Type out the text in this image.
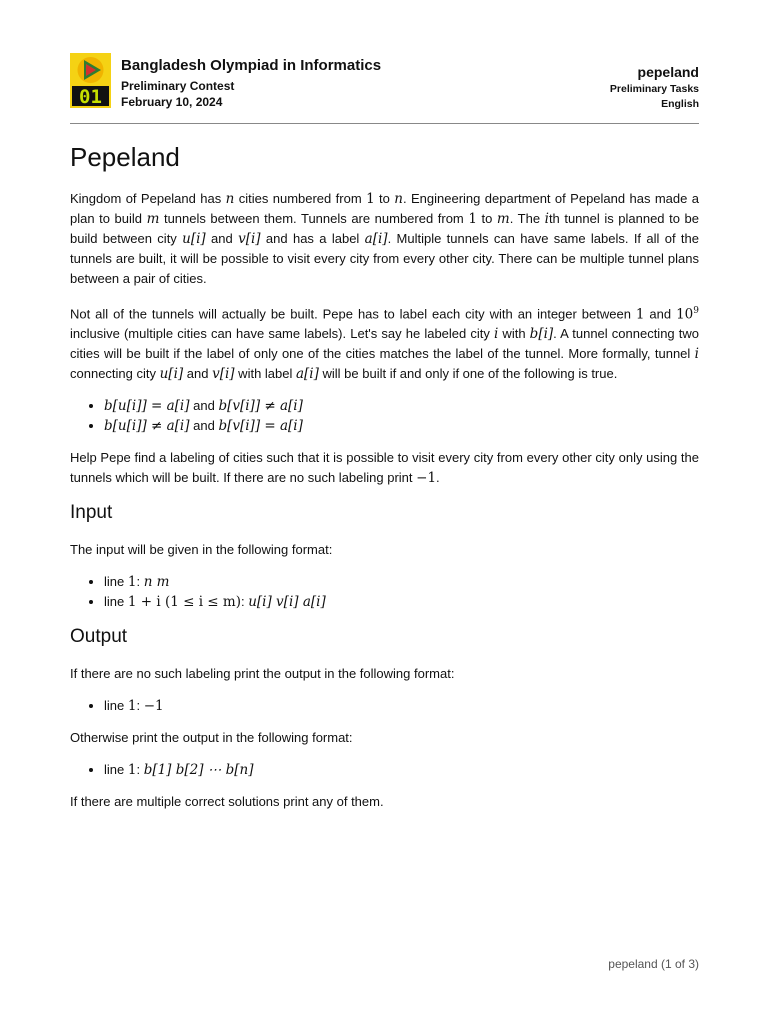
01
Bangladesh Olympiad in Informatics
Preliminary Contest
February 10, 2024
pepeland
Preliminary Tasks
English
Pepeland

Kingdom of Pepeland has n cities numbered from 1 to n. Engineering department of Pepeland has made a plan to build m tunnels between them. Tunnels are numbered from 1 to m. The ith tunnel is planned to be build between city u[i] and v[i] and has a label a[i]. Multiple tunnels can have same labels. If all of the tunnels are built, it will be possible to visit every city from every other city. There can be multiple tunnel plans between a pair of cities.

Not all of the tunnels will actually be built. Pepe has to label each city with an integer between 1 and $10^9$ inclusive (multiple cities can have same labels). Let's say he labeled city i with b[i]. A tunnel connecting two cities will be built if the label of only one of the cities matches the label of the tunnel. More formally, tunnel i connecting city u[i] and v[i] with label a[i] will be built if and only if one of the following is true.

• b[u[i]] = a[i] and b[v[i]] ≠ a[i]
• b[u[i]] ≠ a[i] and b[v[i]] = a[i]

Help Pepe find a labeling of cities such that it is possible to visit every city from every other city only using the tunnels which will be built. If there are no such labeling print −1.

Input

The input will be given in the following format:

• line 1: n m
• line 1 + i (1 ≤ i ≤ m): u[i] v[i] a[i]
Output

If there are no such labeling print the output in the following format:

• line 1: −1

Otherwise print the output in the following format:

• line 1: b[1] b[2] ⋯ b[n]

If there are multiple correct solutions print any of them.

pepeland (1 of 3)
